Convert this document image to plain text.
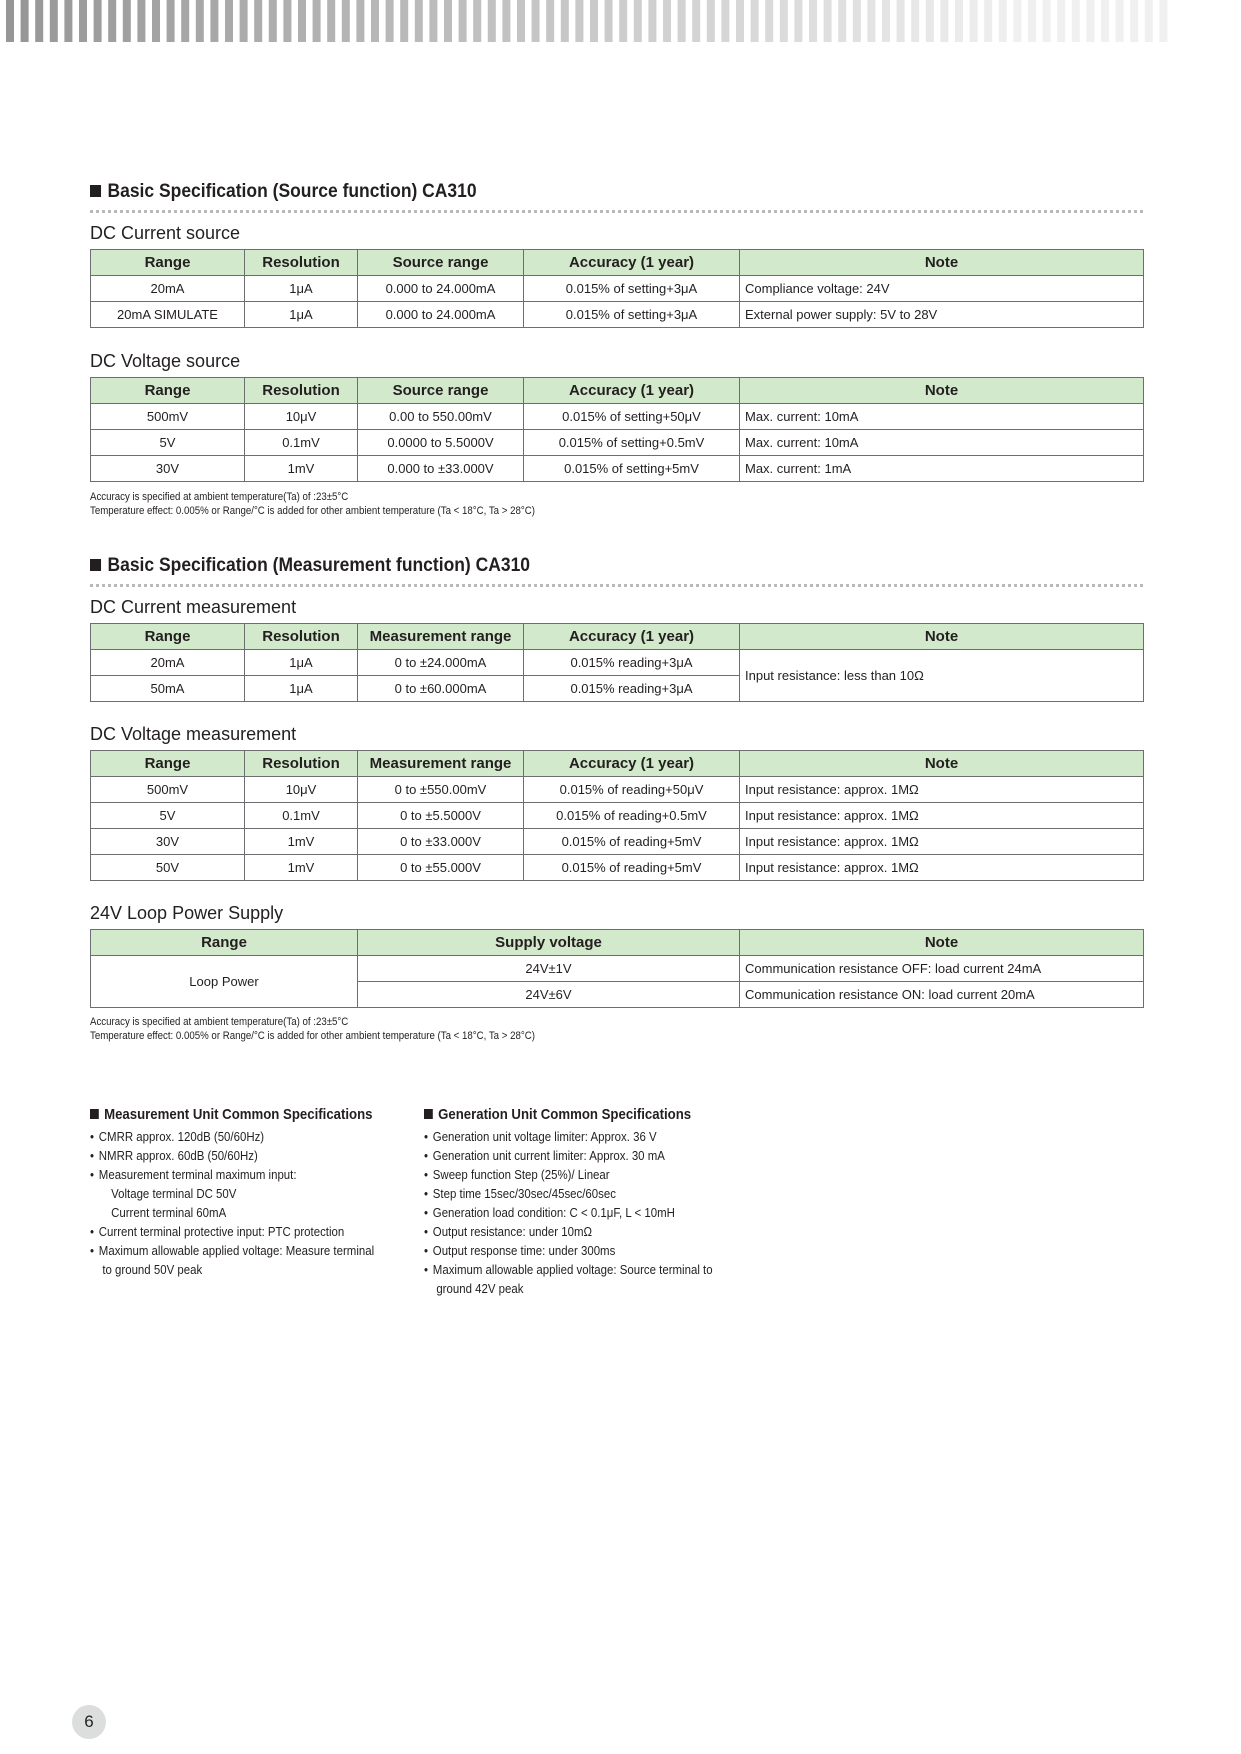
Basic Specification (Source function) CA310
DC Current source
Range	Resolution	Source range	Accuracy (1 year)	Note
20mA	1μA	0.000 to 24.000mA	0.015% of setting+3μA	Compliance voltage: 24V
20mA SIMULATE	1μA	0.000 to 24.000mA	0.015% of setting+3μA	External power supply: 5V to 28V
DC Voltage source
Range	Resolution	Source range	Accuracy (1 year)	Note
500mV	10μV	0.00 to 550.00mV	0.015% of setting+50μV	Max. current: 10mA
5V	0.1mV	0.0000 to 5.5000V	0.015% of setting+0.5mV	Max. current: 10mA
30V	1mV	0.000 to ±33.000V	0.015% of setting+5mV	Max. current: 1mA
Accuracy is specified at ambient temperature(Ta) of :23±5°C
Temperature effect: 0.005% or Range/°C is added for other ambient temperature (Ta < 18°C, Ta > 28°C)
Basic Specification (Measurement function) CA310
DC Current measurement
Range	Resolution	Measurement range	Accuracy (1 year)	Note
20mA	1μA	0 to ±24.000mA	0.015% reading+3μA	Input resistance: less than 10Ω
50mA	1μA	0 to ±60.000mA	0.015% reading+3μA	
DC Voltage measurement
Range	Resolution	Measurement range	Accuracy (1 year)	Note
500mV	10μV	0 to ±550.00mV	0.015% of reading+50μV	Input resistance: approx. 1MΩ
5V	0.1mV	0 to ±5.5000V	0.015% of reading+0.5mV	Input resistance: approx. 1MΩ
30V	1mV	0 to ±33.000V	0.015% of reading+5mV	Input resistance: approx. 1MΩ
50V	1mV	0 to ±55.000V	0.015% of reading+5mV	Input resistance: approx. 1MΩ
24V Loop Power Supply
Range	Supply voltage	Note
Loop Power	24V±1V	Communication resistance OFF: load current 24mA
	24V±6V	Communication resistance ON: load current 20mA
Accuracy is specified at ambient temperature(Ta) of :23±5°C
Temperature effect: 0.005% or Range/°C is added for other ambient temperature (Ta < 18°C, Ta > 28°C)
Measurement Unit Common Specifications
• CMRR approx. 120dB (50/60Hz)
• NMRR approx. 60dB (50/60Hz)
• Measurement terminal maximum input:
Voltage terminal DC 50V
Current terminal 60mA
• Current terminal protective input: PTC protection
• Maximum allowable applied voltage: Measure terminal
to ground 50V peak
Generation Unit Common Specifications
• Generation unit voltage limiter: Approx. 36 V
• Generation unit current limiter: Approx. 30 mA
• Sweep function Step (25%)/ Linear
• Step time 15sec/30sec/45sec/60sec
• Generation load condition: C < 0.1μF, L < 10mH
• Output resistance: under 10mΩ
• Output response time: under 300ms
• Maximum allowable applied voltage: Source terminal to
ground 42V peak
6
